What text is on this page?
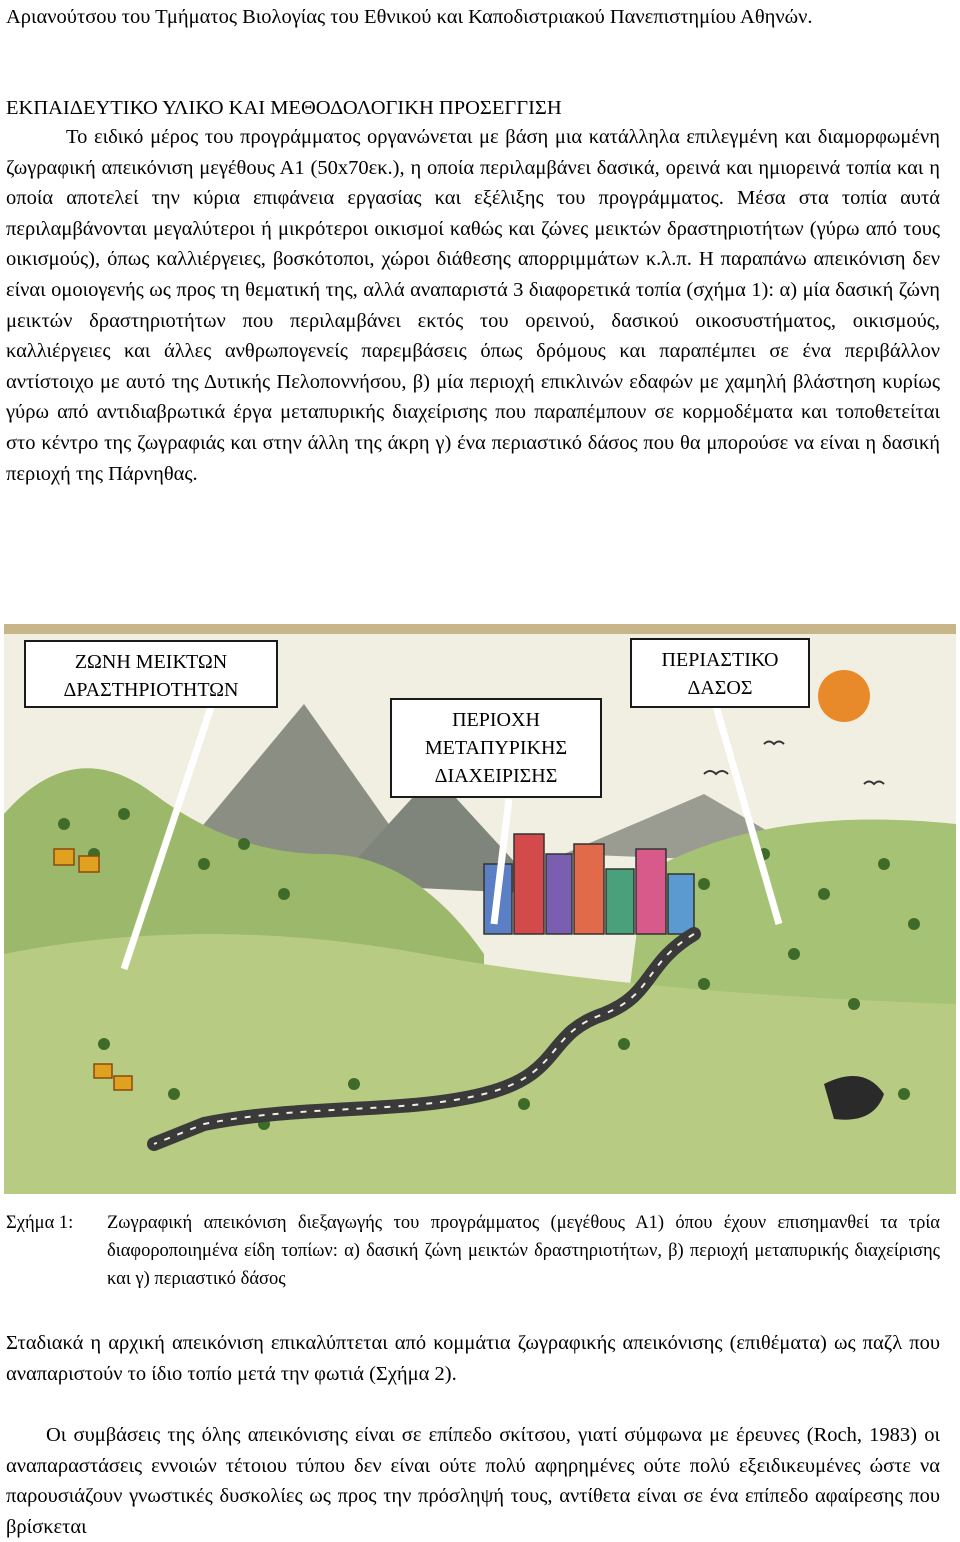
Αριανούτσου του Τμήματος Βιολογίας του Εθνικού και Καποδιστριακού Πανεπιστημίου Αθηνών.

ΕΚΠΑΙΔΕΥΤΙΚΟ ΥΛΙΚΟ ΚΑΙ ΜΕΘΟΔΟΛΟΓΙΚΗ ΠΡΟΣΕΓΓΙΣΗ

Το ειδικό μέρος του προγράμματος οργανώνεται με βάση μια κατάλληλα επιλεγμένη και διαμορφωμένη ζωγραφική απεικόνιση μεγέθους Α1 (50x70εκ.), η οποία περιλαμβάνει δασικά, ορεινά και ημιορεινά τοπία και η οποία αποτελεί την κύρια επιφάνεια εργασίας και εξέλιξης του προγράμματος. Μέσα στα τοπία αυτά περιλαμβάνονται μεγαλύτεροι ή μικρότεροι οικισμοί καθώς και ζώνες μεικτών δραστηριοτήτων (γύρω από τους οικισμούς), όπως καλλιέργειες, βοσκότοποι, χώροι διάθεσης απορριμμάτων κ.λ.π. Η παραπάνω απεικόνιση δεν είναι ομοιογενής ως προς τη θεματική της, αλλά αναπαριστά 3 διαφορετικά τοπία (σχήμα 1): α) μία δασική ζώνη μεικτών δραστηριοτήτων που περιλαμβάνει εκτός του ορεινού, δασικού οικοσυστήματος, οικισμούς, καλλιέργειες και άλλες ανθρωπογενείς παρεμβάσεις όπως δρόμους και παραπέμπει σε ένα περιβάλλον αντίστοιχο με αυτό της Δυτικής Πελοποννήσου, β) μία περιοχή επικλινών εδαφών με χαμηλή βλάστηση κυρίως γύρω από αντιδιαβρωτικά έργα μεταπυρικής διαχείρισης που παραπέμπουν σε κορμοδέματα και τοποθετείται στο κέντρο της ζωγραφιάς και στην άλλη της άκρη γ) ένα περιαστικό δάσος που θα μπορούσε να είναι η δασική περιοχή της Πάρνηθας.

ΖΩΝΗ ΜΕΙΚΤΩΝ
ΔΡΑΣΤΗΡΙΟΤΗΤΩΝ
ΠΕΡΙΟΧΗ
ΜΕΤΑΠΥΡΙΚΗΣ
ΔΙΑΧΕΙΡΙΣΗΣ
ΠΕΡΙΑΣΤΙΚΟ
ΔΑΣΟΣ
Σχήμα 1: Ζωγραφική απεικόνιση διεξαγωγής του προγράμματος (μεγέθους Α1) όπου έχουν επισημανθεί τα τρία διαφοροποιημένα είδη τοπίων: α) δασική ζώνη μεικτών δραστηριοτήτων, β) περιοχή μεταπυρικής διαχείρισης και γ) περιαστικό δάσος

Σταδιακά η αρχική απεικόνιση επικαλύπτεται από κομμάτια ζωγραφικής απεικόνισης (επιθέματα) ως παζλ που αναπαριστούν το ίδιο τοπίο μετά την φωτιά (Σχήμα 2).

Οι συμβάσεις της όλης απεικόνισης είναι σε επίπεδο σκίτσου, γιατί σύμφωνα με έρευνες (Roch, 1983) οι αναπαραστάσεις εννοιών τέτοιου τύπου δεν είναι ούτε πολύ αφηρημένες ούτε πολύ εξειδικευμένες ώστε να παρουσιάζουν γνωστικές δυσκολίες ως προς την πρόσληψή τους, αντίθετα είναι σε ένα επίπεδο αφαίρεσης που βρίσκεται
